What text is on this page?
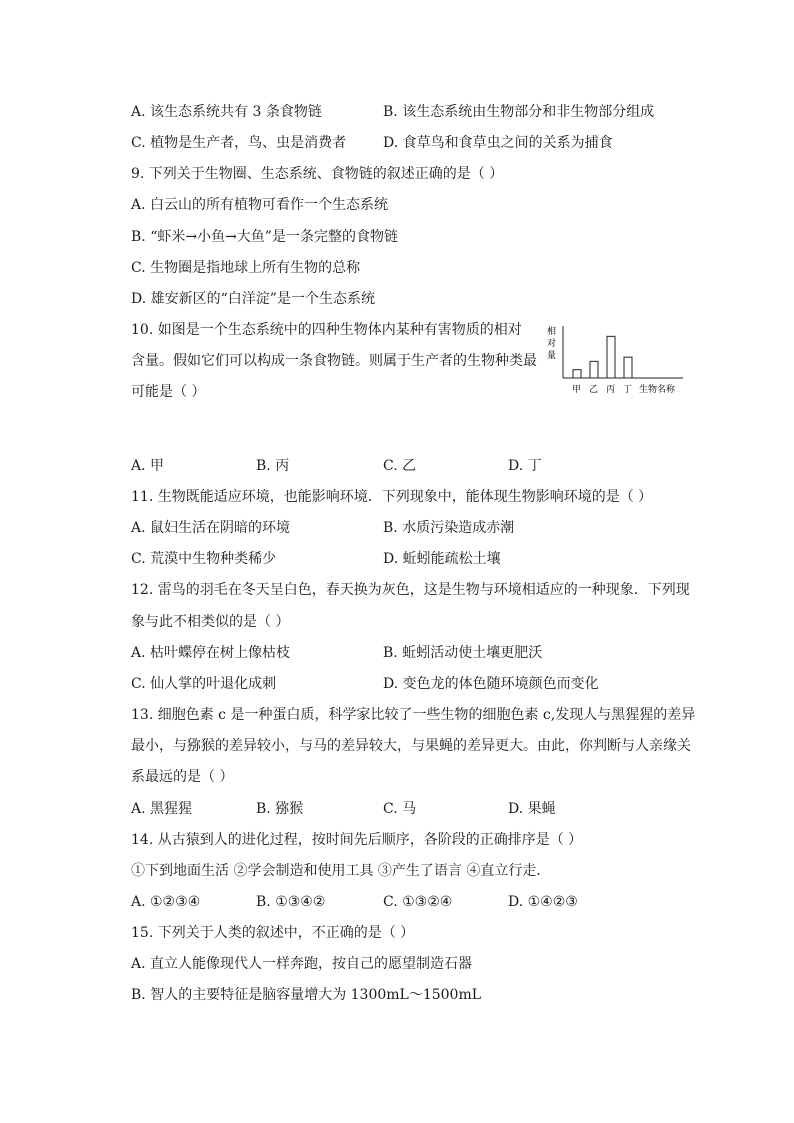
A. 该生态系统共有 3 条食物链	B. 该生态系统由生物部分和非生物部分组成
C. 植物是生产者，鸟、虫是消费者	D. 食草鸟和食草虫之间的关系为捕食
9. 下列关于生物圈、生态系统、食物链的叙述正确的是（ ）
A. 白云山的所有植物可看作一个生态系统
B. “虾米→小鱼→大鱼”是一条完整的食物链
C. 生物圈是指地球上所有生物的总称
D. 雄安新区的“白洋淀”是一个生态系统
10. 如图是一个生态系统中的四种生物体内某种有害物质的相对
含量。假如它们可以构成一条食物链。则属于生产者的生物种类最
可能是（ ）
相
对
量
甲 乙 丙 丁 生物名称
A. 甲	B. 丙	C. 乙	D. 丁
11. 生物既能适应环境，也能影响环境．下列现象中，能体现生物影响环境的是（ ）
A. 鼠妇生活在阴暗的环境	B. 水质污染造成赤潮
C. 荒漠中生物种类稀少	D. 蚯蚓能疏松土壤
12. 雷鸟的羽毛在冬天呈白色，春天换为灰色，这是生物与环境相适应的一种现象．下列现
象与此不相类似的是（ ）
A. 枯叶蝶停在树上像枯枝	B. 蚯蚓活动使土壤更肥沃
C. 仙人掌的叶退化成刺	D. 变色龙的体色随环境颜色而变化
13. 细胞色素 c 是一种蛋白质，科学家比较了一些生物的细胞色素 c,发现人与黑猩猩的差异
最小，与猕猴的差异较小，与马的差异较大，与果蝇的差异更大。由此，你判断与人亲缘关
系最远的是（ ）
A. 黑猩猩	B. 猕猴	C. 马	D. 果蝇
14. 从古猿到人的进化过程，按时间先后顺序，各阶段的正确排序是（ ）
①下到地面生活 ②学会制造和使用工具 ③产生了语言 ④直立行走．
A. ①②③④	B. ①③④②	C. ①③②④	D. ①④②③
15. 下列关于人类的叙述中，不正确的是（ ）
A. 直立人能像现代人一样奔跑，按自己的愿望制造石器
B. 智人的主要特征是脑容量增大为 1300mL～1500mL
